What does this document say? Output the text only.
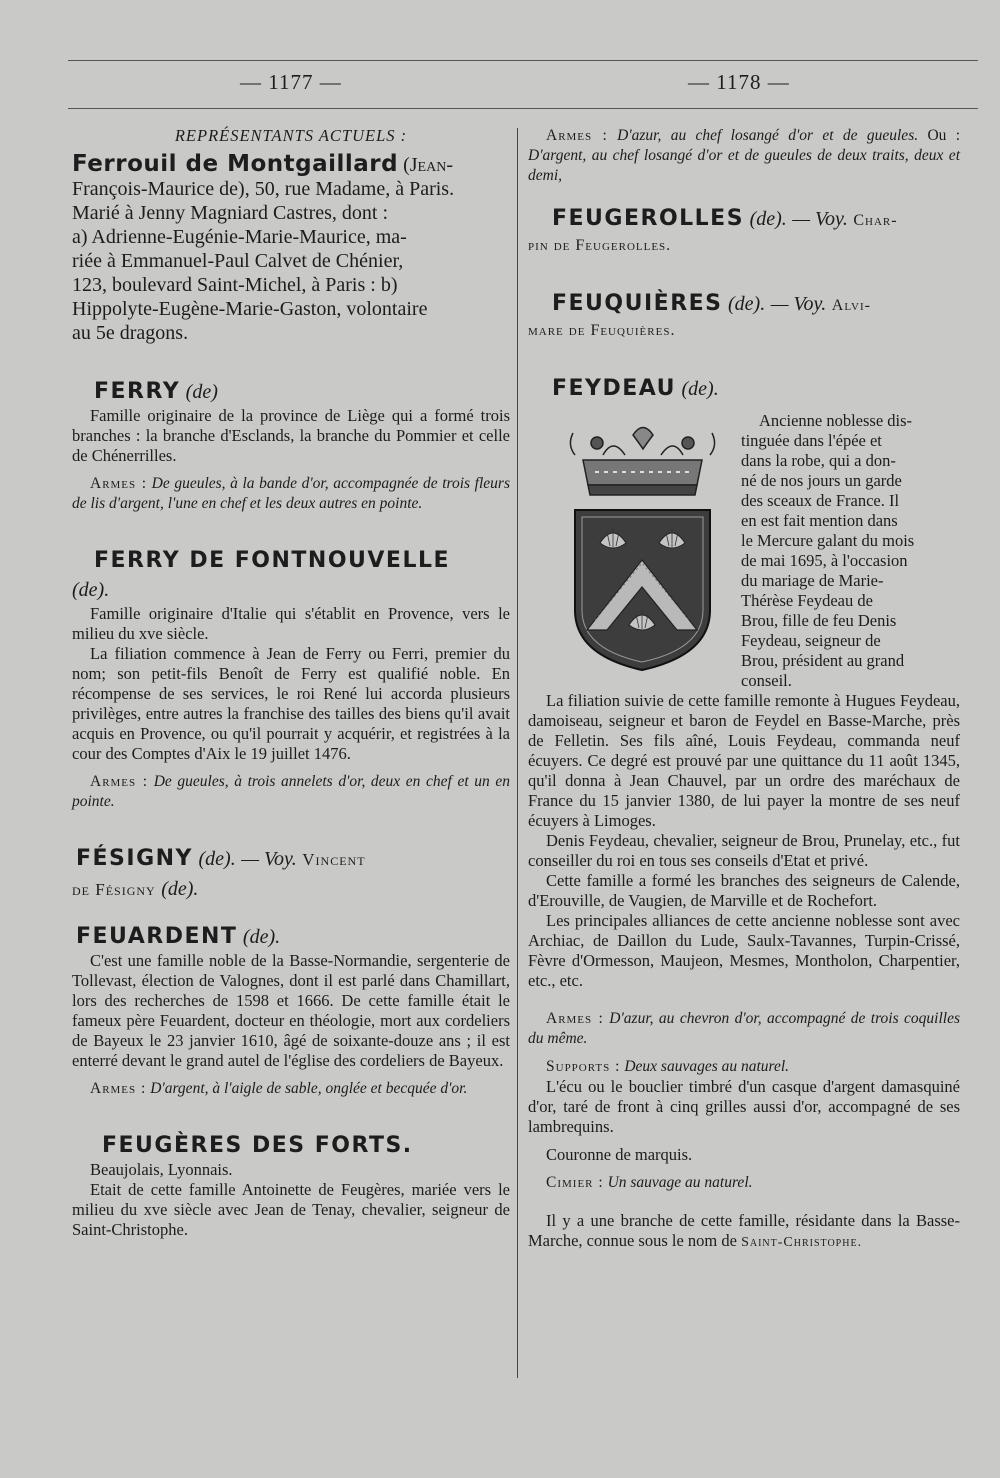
— 1177 —	— 1178 —

REPRÉSENTANTS ACTUELS :

Ferrouil de Montgaillard (Jean-

François-Maurice de), 50, rue Madame, à Paris.

Marié à Jenny Magniard Castres, dont :

a) Adrienne-Eugénie-Marie-Maurice, ma-

riée à Emmanuel-Paul Calvet de Chénier,

123, boulevard Saint-Michel, à Paris : b)

Hippolyte-Eugène-Marie-Gaston, volontaire

au 5e dragons.

FERRY (de)

Famille originaire de la province de Liège qui a formé trois branches : la branche d'Esclands, la branche du Pommier et celle de Chénerrilles.

Armes : De gueules, à la bande d'or, accompagnée de trois fleurs de lis d'argent, l'une en chef et les deux autres en pointe.

FERRY DE FONTNOUVELLE

(de).

Famille originaire d'Italie qui s'établit en Provence, vers le milieu du xve siècle.

La filiation commence à Jean de Ferry ou Ferri, premier du nom; son petit-fils Benoît de Ferry est qualifié noble. En récompense de ses services, le roi René lui accorda plusieurs privilèges, entre autres la franchise des tailles des biens qu'il avait acquis en Provence, ou qu'il pourrait y acquérir, et registrées à la cour des Comptes d'Aix le 19 juillet 1476.

Armes : De gueules, à trois annelets d'or, deux en chef et un en pointe.

FÉSIGNY (de). — Voy. Vincent

de Fésigny (de).

FEUARDENT (de).

C'est une famille noble de la Basse-Normandie, sergenterie de Tollevast, élection de Valognes, dont il est parlé dans Chamillart, lors des recherches de 1598 et 1666. De cette famille était le fameux père Feuardent, docteur en théologie, mort aux cordeliers de Bayeux le 23 janvier 1610, âgé de soixante-douze ans ; il est enterré devant le grand autel de l'église des cordeliers de Bayeux.

Armes : D'argent, à l'aigle de sable, onglée et becquée d'or.

FEUGÈRES DES FORTS.

Beaujolais, Lyonnais.

Etait de cette famille Antoinette de Feugères, mariée vers le milieu du xve siècle avec Jean de Tenay, chevalier, seigneur de Saint-Christophe.

Armes : D'azur, au chef losangé d'or et de gueules. Ou : D'argent, au chef losangé d'or et de gueules de deux traits, deux et demi,

FEUGEROLLES (de). — Voy. Char-

pin de Feugerolles.

FEUQUIÈRES (de). — Voy. Alvi-

mare de Feuquières.

FEYDEAU (de).

Ancienne noblesse dis-

tinguée dans l'épée et

dans la robe, qui a don-

né de nos jours un garde

des sceaux de France. Il

en est fait mention dans

le Mercure galant du mois

de mai 1695, à l'occasion

du mariage de Marie-

Thérèse Feydeau de

Brou, fille de feu Denis

Feydeau, seigneur de

Brou, président au grand

conseil.

La filiation suivie de cette famille remonte à Hugues Feydeau, damoiseau, seigneur et baron de Feydel en Basse-Marche, près de Felletin. Ses fils aîné, Louis Feydeau, commanda neuf écuyers. Ce degré est prouvé par une quittance du 11 août 1345, qu'il donna à Jean Chauvel, par un ordre des maréchaux de France du 15 janvier 1380, de lui payer la montre de ses neuf écuyers à Limoges.

Denis Feydeau, chevalier, seigneur de Brou, Prunelay, etc., fut conseiller du roi en tous ses conseils d'Etat et privé.

Cette famille a formé les branches des seigneurs de Calende, d'Erouville, de Vaugien, de Marville et de Rochefort.

Les principales alliances de cette ancienne noblesse sont avec Archiac, de Daillon du Lude, Saulx-Tavannes, Turpin-Crissé, Fèvre d'Ormesson, Maujeon, Mesmes, Montholon, Charpentier, etc., etc.

Armes : D'azur, au chevron d'or, accompagné de trois coquilles du même.

Supports : Deux sauvages au naturel.

L'écu ou le bouclier timbré d'un casque d'argent damasquiné d'or, taré de front à cinq grilles aussi d'or, accompagné de ses lambrequins.

Couronne de marquis.

Cimier : Un sauvage au naturel.

Il y a une branche de cette famille, résidante dans la Basse-Marche, connue sous le nom de Saint-Christophe.
